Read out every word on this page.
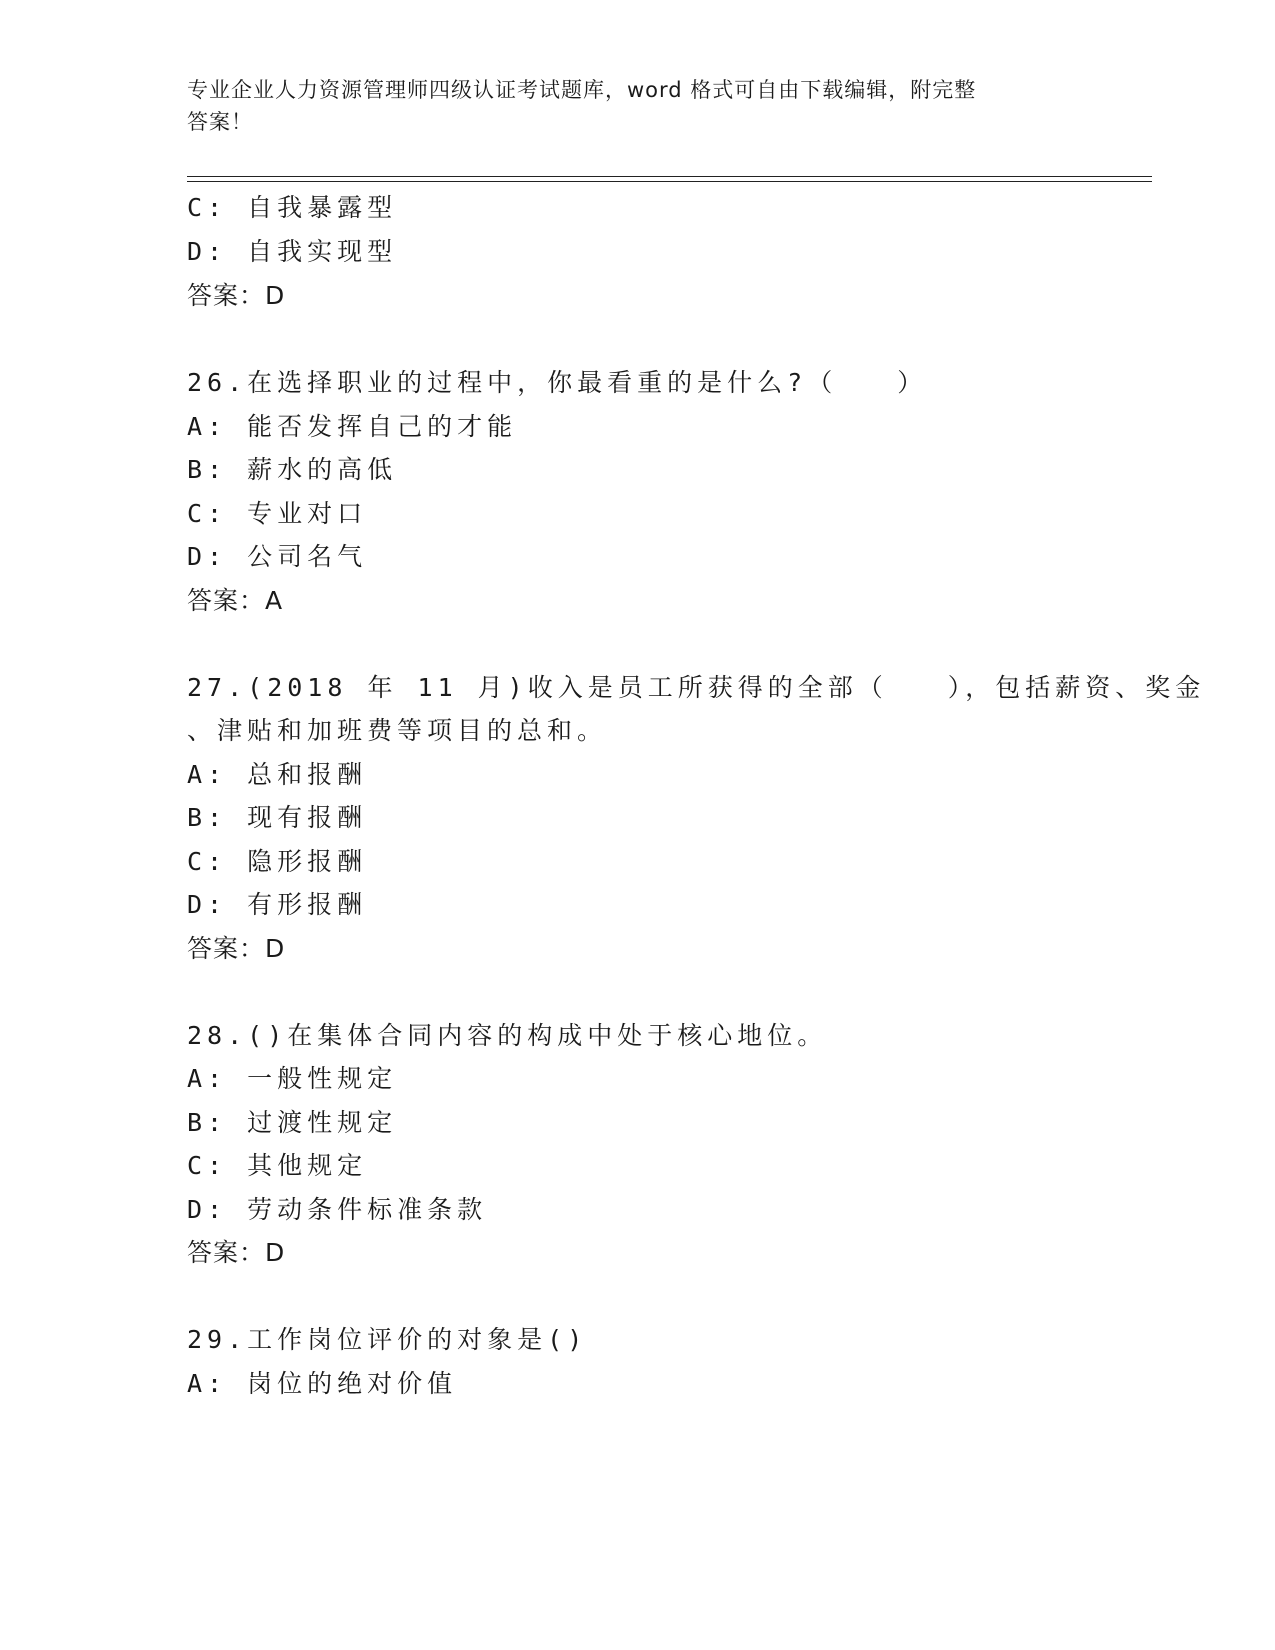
专业企业人力资源管理师四级认证考试题库，word 格式可自由下载编辑，附完整
答案！
C: 自我暴露型
D: 自我实现型
答案：D
26.在选择职业的过程中，你最看重的是什么?（　　）
A: 能否发挥自己的才能
B: 薪水的高低
C: 专业对口
D: 公司名气
答案：A
27.(2018 年 11 月)收入是员工所获得的全部（　　），包括薪资、奖金
、津贴和加班费等项目的总和。
A: 总和报酬
B: 现有报酬
C: 隐形报酬
D: 有形报酬
答案：D
28.()在集体合同内容的构成中处于核心地位。
A: 一般性规定
B: 过渡性规定
C: 其他规定
D: 劳动条件标准条款
答案：D
29.工作岗位评价的对象是()
A: 岗位的绝对价值
